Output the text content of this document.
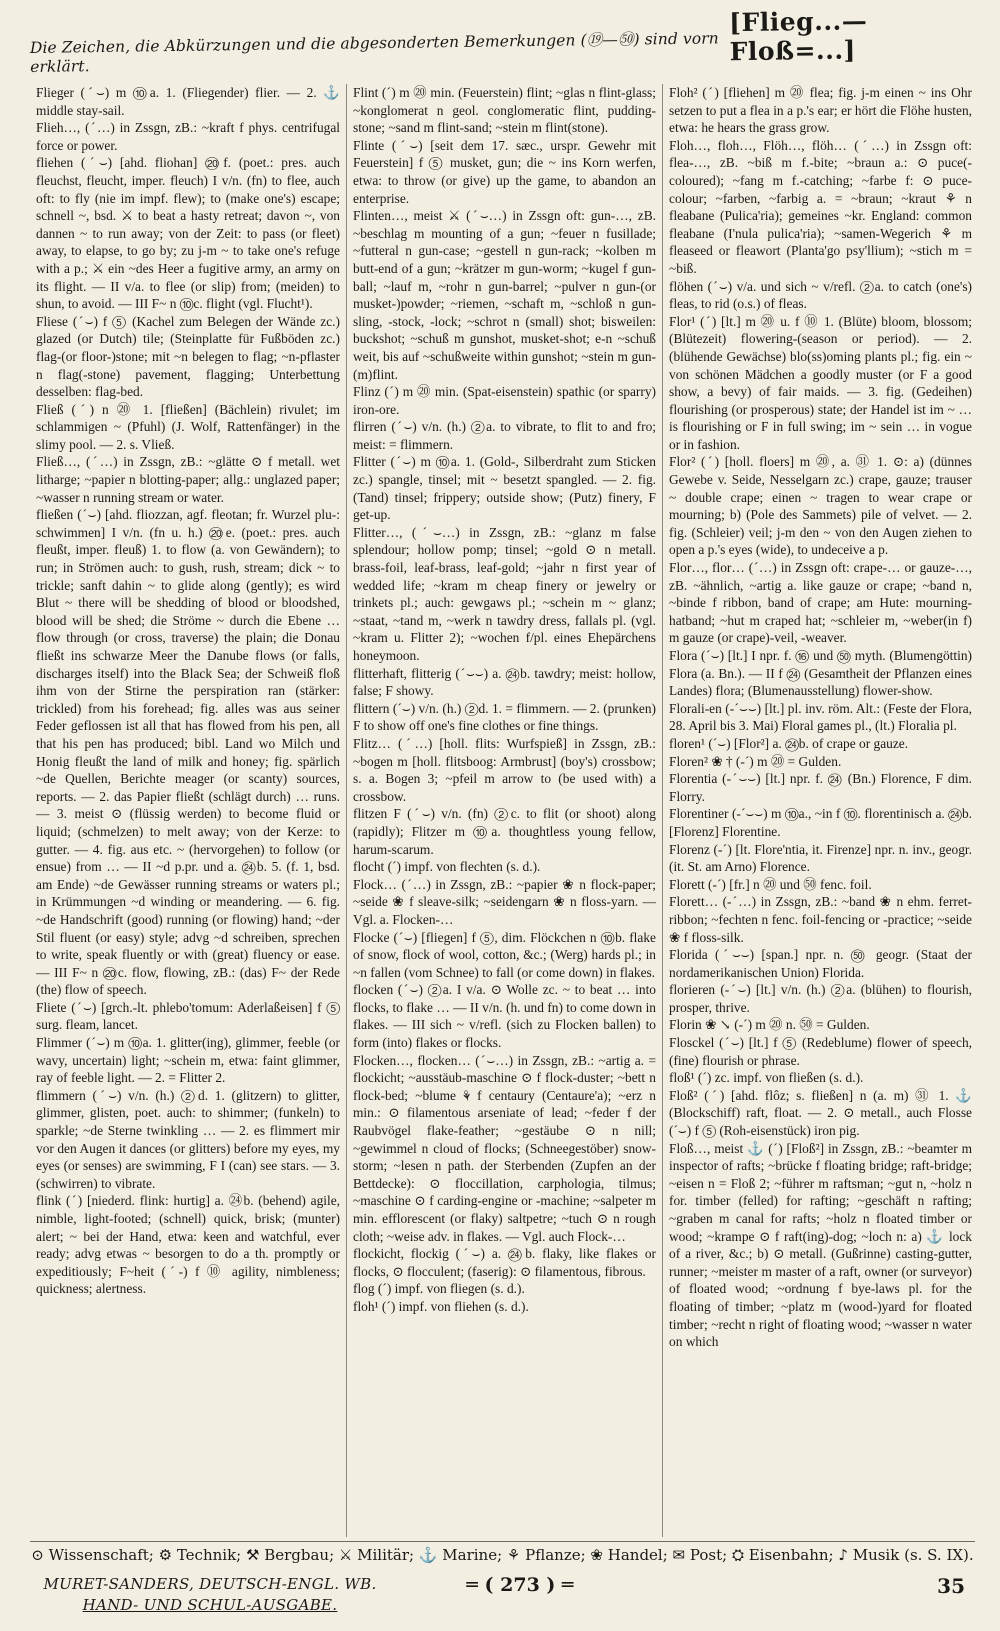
Die Zeichen, die Abkürzungen und die abgesonderten Bemerkungen (⑲—㊿) sind vorn erklärt.
[Flieg...—Floß=...]

Flieger (ˊ⌣) m ⑩a. 1. (Fliegender) flier. — 2. ⚓ middle stay-sail.

Flieh…, (ˊ…) in Zssgn, zB.: ~kraft f phys. centrifugal force or power.

fliehen (ˊ⌣) [ahd. fliohan] ⑳f. (poet.: pres. auch fleuchst, fleucht, imper. fleuch) I v/n. (fn) to flee, auch oft: to fly (nie im impf. flew); to (make one's) escape; schnell ~, bsd. ⚔ to beat a hasty retreat; davon ~, von dannen ~ to run away; von der Zeit: to pass (or fleet) away, to elapse, to go by; zu j-m ~ to take one's refuge with a p.; ⚔ ein ~des Heer a fugitive army, an army on its flight. — II v/a. to flee (or slip) from; (meiden) to shun, to avoid. — III F~ n ⑩c. flight (vgl. Flucht¹).

Fliese (ˊ⌣) f ⑤ (Kachel zum Belegen der Wände zc.) glazed (or Dutch) tile; (Steinplatte für Fußböden zc.) flag-(or floor-)stone; mit ~n belegen to flag; ~n-pflaster n flag(-stone) pavement, flagging; Unterbettung desselben: flag-bed.

Fließ (ˊ) n ⑳ 1. [fließen] (Bächlein) rivulet; im schlammigen ~ (Pfuhl) (J. Wolf, Rattenfänger) in the slimy pool. — 2. s. Vließ.

Fließ…, (ˊ…) in Zssgn, zB.: ~glätte ⊙ f metall. wet litharge; ~papier n blotting-paper; allg.: unglazed paper; ~wasser n running stream or water.

fließen (ˊ⌣) [ahd. fliozzan, agf. fleotan; fr. Wurzel plu-: schwimmen] I v/n. (fn u. h.) ⑳e. (poet.: pres. auch fleußt, imper. fleuß) 1. to flow (a. von Gewändern); to run; in Strömen auch: to gush, rush, stream; dick ~ to trickle; sanft dahin ~ to glide along (gently); es wird Blut ~ there will be shedding of blood or bloodshed, blood will be shed; die Ströme ~ durch die Ebene … flow through (or cross, traverse) the plain; die Donau fließt ins schwarze Meer the Danube flows (or falls, discharges itself) into the Black Sea; der Schweiß floß ihm von der Stirne the perspiration ran (stärker: trickled) from his forehead; fig. alles was aus seiner Feder geflossen ist all that has flowed from his pen, all that his pen has produced; bibl. Land wo Milch und Honig fleußt the land of milk and honey; fig. spärlich ~de Quellen, Berichte meager (or scanty) sources, reports. — 2. das Papier fließt (schlägt durch) … runs. — 3. meist ⊙ (flüssig werden) to become fluid or liquid; (schmelzen) to melt away; von der Kerze: to gutter. — 4. fig. aus etc. ~ (hervorgehen) to follow (or ensue) from … — II ~d p.pr. und a. ㉔b. 5. (f. 1, bsd. am Ende) ~de Gewässer running streams or waters pl.; in Krümmungen ~d winding or meandering. — 6. fig. ~de Handschrift (good) running (or flowing) hand; ~der Stil fluent (or easy) style; advg ~d schreiben, sprechen to write, speak fluently or with (great) fluency or ease. — III F~ n ⑳c. flow, flowing, zB.: (das) F~ der Rede (the) flow of speech.

Fliete (ˊ⌣) [grch.-lt. phlebo'tomum: Aderlaßeisen] f ⑤ surg. fleam, lancet.

Flimmer (ˊ⌣) m ⑩a. 1. glitter(ing), glimmer, feeble (or wavy, uncertain) light; ~schein m, etwa: faint glimmer, ray of feeble light. — 2. = Flitter 2.

flimmern (ˊ⌣) v/n. (h.) ②d. 1. (glitzern) to glitter, glimmer, glisten, poet. auch: to shimmer; (funkeln) to sparkle; ~de Sterne twinkling … — 2. es flimmert mir vor den Augen it dances (or glitters) before my eyes, my eyes (or senses) are swimming, F I (can) see stars. — 3. (schwirren) to vibrate.

flink (ˊ) [niederd. flink: hurtig] a. ㉔b. (behend) agile, nimble, light-footed; (schnell) quick, brisk; (munter) alert; ~ bei der Hand, etwa: keen and watchful, ever ready; advg etwas ~ besorgen to do a th. promptly or expeditiously; F~heit (ˊ-) f ⑩ agility, nimbleness; quickness; alertness.

Flint (ˊ) m ⑳ min. (Feuerstein) flint; ~glas n flint-glass; ~konglomerat n geol. conglomeratic flint, pudding-stone; ~sand m flint-sand; ~stein m flint(stone).

Flinte (ˊ⌣) [seit dem 17. sæc., urspr. Gewehr mit Feuerstein] f ⑤ musket, gun; die ~ ins Korn werfen, etwa: to throw (or give) up the game, to abandon an enterprise.

Flinten…, meist ⚔ (ˊ⌣…) in Zssgn oft: gun-…, zB. ~beschlag m mounting of a gun; ~feuer n fusillade; ~futteral n gun-case; ~gestell n gun-rack; ~kolben m butt-end of a gun; ~krätzer m gun-worm; ~kugel f gun-ball; ~lauf m, ~rohr n gun-barrel; ~pulver n gun-(or musket-)powder; ~riemen, ~schaft m, ~schloß n gun-sling, -stock, -lock; ~schrot n (small) shot; bisweilen: buckshot; ~schuß m gunshot, musket-shot; e-n ~schuß weit, bis auf ~schußweite within gunshot; ~stein m gun-(m)flint.

Flinz (ˊ) m ⑳ min. (Spat-eisenstein) spathic (or sparry) iron-ore.

flirren (ˊ⌣) v/n. (h.) ②a. to vibrate, to flit to and fro; meist: = flimmern.

Flitter (ˊ⌣) m ⑩a. 1. (Gold-, Silberdraht zum Sticken zc.) spangle, tinsel; mit ~ besetzt spangled. — 2. fig. (Tand) tinsel; frippery; outside show; (Putz) finery, F get-up.

Flitter…, (ˊ⌣…) in Zssgn, zB.: ~glanz m false splendour; hollow pomp; tinsel; ~gold ⊙ n metall. brass-foil, leaf-brass, leaf-gold; ~jahr n first year of wedded life; ~kram m cheap finery or jewelry or trinkets pl.; auch: gewgaws pl.; ~schein m ~ glanz; ~staat, ~tand m, ~werk n tawdry dress, fallals pl. (vgl. ~kram u. Flitter 2); ~wochen f/pl. eines Ehepärchens honeymoon.

flitterhaft, flitterig (ˊ⌣⌣) a. ㉔b. tawdry; meist: hollow, false; F showy.

flittern (ˊ⌣) v/n. (h.) ②d. 1. = flimmern. — 2. (prunken) F to show off one's fine clothes or fine things.

Flitz… (ˊ…) [holl. flits: Wurfspieß] in Zssgn, zB.: ~bogen m [holl. flitsboog: Armbrust] (boy's) crossbow; s. a. Bogen 3; ~pfeil m arrow to (be used with) a crossbow.

flitzen F (ˊ⌣) v/n. (fn) ②c. to flit (or shoot) along (rapidly); Flitzer m ⑩a. thoughtless young fellow, harum-scarum.

flocht (ˊ) impf. von flechten (s. d.).

Flock… (ˊ…) in Zssgn, zB.: ~papier ❀ n flock-paper; ~seide ❀ f sleave-silk; ~seidengarn ❀ n floss-yarn. — Vgl. a. Flocken-…

Flocke (ˊ⌣) [fliegen] f ⑤, dim. Flöckchen n ⑩b. flake of snow, flock of wool, cotton, &c.; (Werg) hards pl.; in ~n fallen (vom Schnee) to fall (or come down) in flakes.

flocken (ˊ⌣) ②a. I v/a. ⊙ Wolle zc. ~ to beat … into flocks, to flake … — II v/n. (h. und fn) to come down in flakes. — III sich ~ v/refl. (sich zu Flocken ballen) to form (into) flakes or flocks.

Flocken…, flocken… (ˊ⌣…) in Zssgn, zB.: ~artig a. = flockicht; ~ausstäub-maschine ⊙ f flock-duster; ~bett n flock-bed; ~blume ⚘ f centaury (Centaure'a); ~erz n min.: ⊙ filamentous arseniate of lead; ~feder f der Raubvögel flake-feather; ~gestäube ⊙ n nill; ~gewimmel n cloud of flocks; (Schneegestöber) snow-storm; ~lesen n path. der Sterbenden (Zupfen an der Bettdecke): ⊙ floccillation, carphologia, tilmus; ~maschine ⊙ f carding-engine or -machine; ~salpeter m min. efflorescent (or flaky) saltpetre; ~tuch ⊙ n rough cloth; ~weise adv. in flakes. — Vgl. auch Flock-…

flockicht, flockig (ˊ⌣) a. ㉔b. flaky, like flakes or flocks, ⊙ flocculent; (faserig): ⊙ filamentous, fibrous.

flog (ˊ) impf. von fliegen (s. d.).

floh¹ (ˊ) impf. von fliehen (s. d.).

Floh² (ˊ) [fliehen] m ⑳ flea; fig. j-m einen ~ ins Ohr setzen to put a flea in a p.'s ear; er hört die Flöhe husten, etwa: he hears the grass grow.

Floh…, floh…, Flöh…, flöh… (ˊ…) in Zssgn oft: flea-…, zB. ~biß m f.-bite; ~braun a.: ⊙ puce(-coloured); ~fang m f.-catching; ~farbe f: ⊙ puce-colour; ~farben, ~farbig a. = ~braun; ~kraut ⚘ n fleabane (Pulica'ria); gemeines ~kr. England: common fleabane (I'nula pulica'ria); ~samen-Wegerich ⚘ m fleaseed or fleawort (Planta'go psy'llium); ~stich m = ~biß.

flöhen (ˊ⌣) v/a. und sich ~ v/refl. ②a. to catch (one's) fleas, to rid (o.s.) of fleas.

Flor¹ (ˊ) [lt.] m ⑳ u. f ⑩ 1. (Blüte) bloom, blossom; (Blütezeit) flowering-(season or period). — 2. (blühende Gewächse) blo(ss)oming plants pl.; fig. ein ~ von schönen Mädchen a goodly muster (or F a good show, a bevy) of fair maids. — 3. fig. (Gedeihen) flourishing (or prosperous) state; der Handel ist im ~ … is flourishing or F in full swing; im ~ sein … in vogue or in fashion.

Flor² (ˊ) [holl. floers] m ⑳, a. ㉛ 1. ⊙: a) (dünnes Gewebe v. Seide, Nesselgarn zc.) crape, gauze; trauser ~ double crape; einen ~ tragen to wear crape or mourning; b) (Pole des Sammets) pile of velvet. — 2. fig. (Schleier) veil; j-m den ~ von den Augen ziehen to open a p.'s eyes (wide), to undeceive a p.

Flor…, flor… (ˊ…) in Zssgn oft: crape-… or gauze-…, zB. ~ähnlich, ~artig a. like gauze or crape; ~band n, ~binde f ribbon, band of crape; am Hute: mourning-hatband; ~hut m craped hat; ~schleier m, ~weber(in f) m gauze (or crape)-veil, -weaver.

Flora (ˊ⌣) [lt.] I npr. f. ⑯ und ㊿ myth. (Blumengöttin) Flora (a. Bn.). — II f ㉔ (Gesamtheit der Pflanzen eines Landes) flora; (Blumenausstellung) flower-show.

Florali-en (-ˊ⌣⌣) [lt.] pl. inv. röm. Alt.: (Feste der Flora, 28. April bis 3. Mai) Floral games pl., (lt.) Floralia pl.

floren¹ (ˊ⌣) [Flor²] a. ㉔b. of crape or gauze.

Floren² ❀ † (-ˊ) m ⑳ = Gulden.

Florentia (-ˊ⌣⌣) [lt.] npr. f. ㉔ (Bn.) Florence, F dim. Florry.

Florentiner (-ˊ⌣⌣) m ⑩a., ~in f ⑩. florentinisch a. ㉔b. [Florenz] Florentine.

Florenz (-ˊ) [lt. Flore'ntia, it. Firenze] npr. n. inv., geogr. (it. St. am Arno) Florence.

Florett (-ˊ) [fr.] n ⑳ und ㊿ fenc. foil.

Florett… (-ˊ…) in Zssgn, zB.: ~band ❀ n ehm. ferret-ribbon; ~fechten n fenc. foil-fencing or -practice; ~seide ❀ f floss-silk.

Florida (ˊ⌣⌣) [span.] npr. n. ㊿ geogr. (Staat der nordamerikanischen Union) Florida.

florieren (-ˊ⌣) [lt.] v/n. (h.) ②a. (blühen) to flourish, prosper, thrive.

Florin ❀ ↘ (-ˊ) m ⑳ n. ㊿ = Gulden.

Flosckel (ˊ⌣) [lt.] f ⑤ (Redeblume) flower of speech, (fine) flourish or phrase.

floß¹ (ˊ) zc. impf. von fließen (s. d.).

Floß² (ˊ) [ahd. flôz; s. fließen] n (a. m) ㉛ 1. ⚓ (Blockschiff) raft, float. — 2. ⊙ metall., auch Flosse (ˊ⌣) f ⑤ (Roh-eisenstück) iron pig.

Floß…, meist ⚓ (ˊ) [Floß²] in Zssgn, zB.: ~beamter m inspector of rafts; ~brücke f floating bridge; raft-bridge; ~eisen n = Floß 2; ~führer m raftsman; ~gut n, ~holz n for. timber (felled) for rafting; ~geschäft n rafting; ~graben m canal for rafts; ~holz n floated timber or wood; ~krampe ⊙ f raft(ing)-dog; ~loch n: a) ⚓ lock of a river, &c.; b) ⊙ metall. (Gußrinne) casting-gutter, runner; ~meister m master of a raft, owner (or surveyor) of floated wood; ~ordnung f bye-laws pl. for the floating of timber; ~platz m (wood-)yard for floated timber; ~recht n right of floating wood; ~wasser n water on which

⊙ Wissenschaft; ⚙ Technik; ⚒ Bergbau; ⚔ Militär; ⚓ Marine; ⚘ Pflanze; ❀ Handel; ✉ Post; ⛭ Eisenbahn; ♪ Musik (s. S. IX).
MURET-SANDERS, DEUTSCH-ENGL. WB.
HAND- UND SCHUL-AUSGABE.
═ ( 273 ) ═	35
